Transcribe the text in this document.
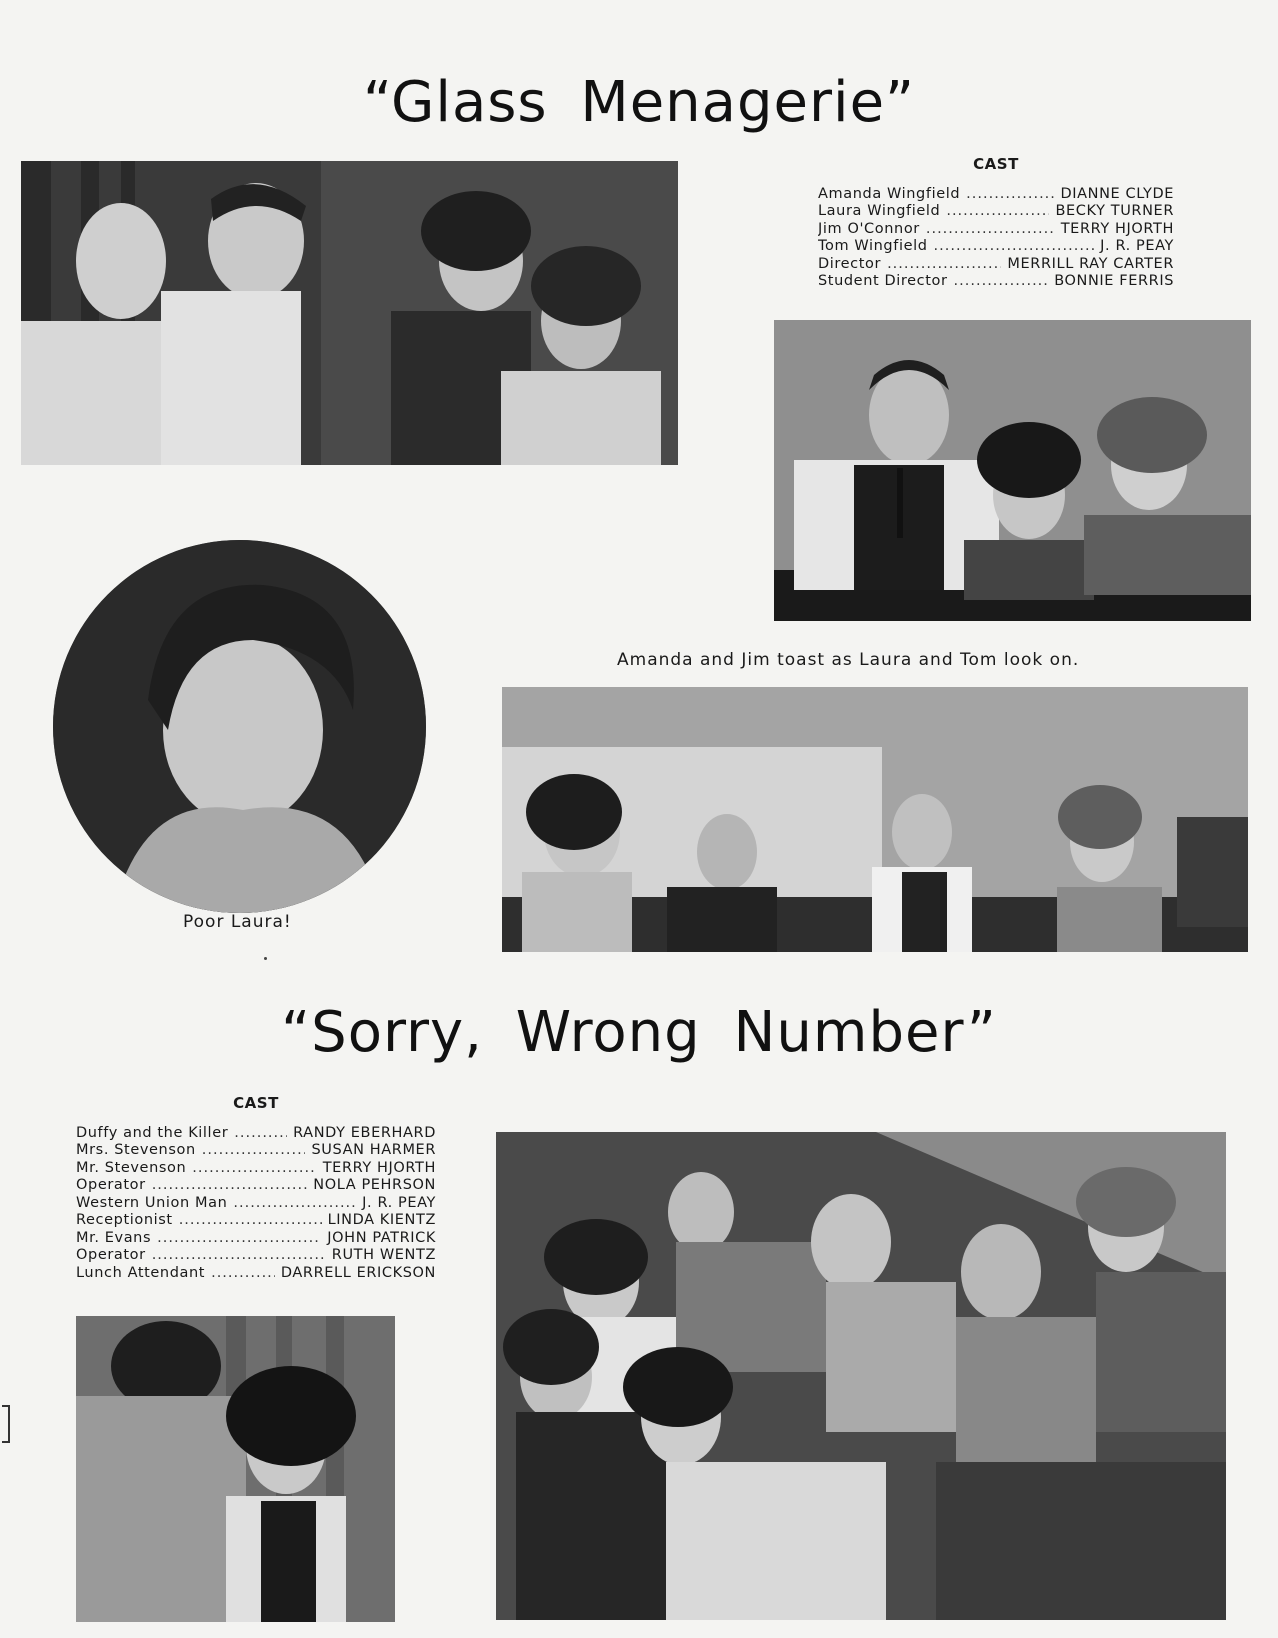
“Glass Menagerie”
CAST
Amanda Wingfield .....	DIANNE CLYDE
Laura Wingfield .....	BECKY TURNER
Jim O'Connor .....	TERRY HJORTH
Tom Wingfield .....	J. R. PEAY
Director .....	MERRILL RAY CARTER
Student Director .....	BONNIE FERRIS
Amanda and Jim toast as Laura and Tom look on.
Poor Laura!
“Sorry, Wrong Number”
CAST
Duffy and the Killer .....	RANDY EBERHARD
Mrs. Stevenson .....	SUSAN HARMER
Mr. Stevenson .....	TERRY HJORTH
Operator .....	NOLA PEHRSON
Western Union Man .....	J. R. PEAY
Receptionist .....	LINDA KIENTZ
Mr. Evans .....	JOHN PATRICK
Operator .....	RUTH WENTZ
Lunch Attendant .....	DARRELL ERICKSON
